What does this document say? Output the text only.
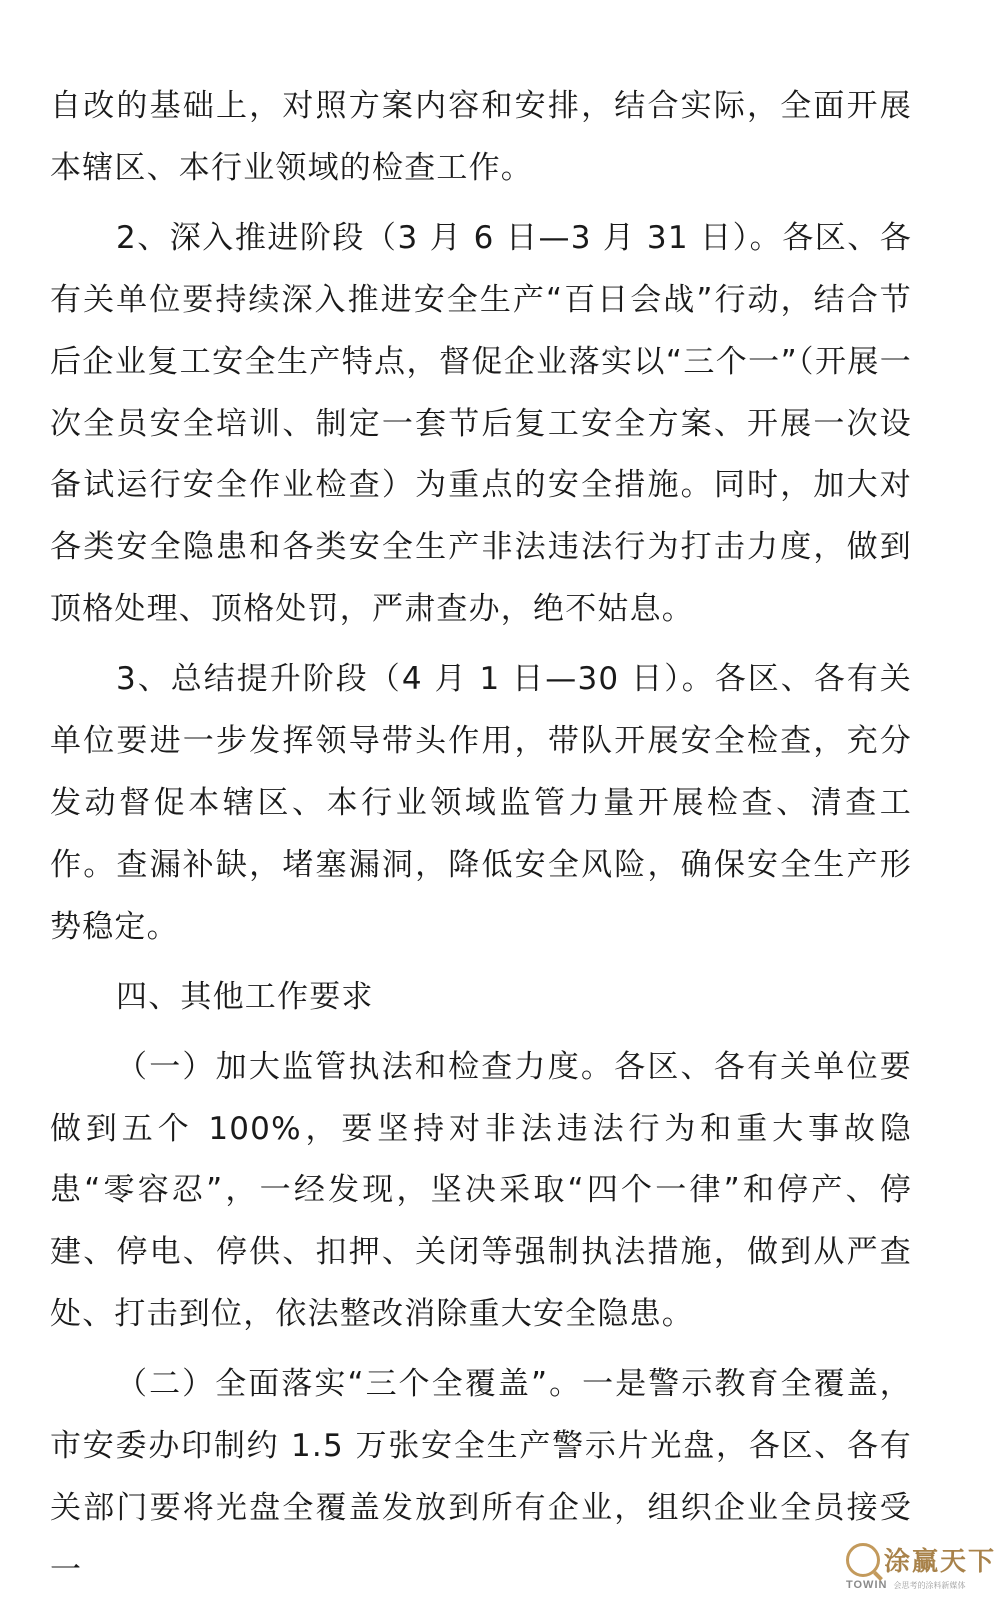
自改的基础上，对照方案内容和安排，结合实际，全面开展本辖区、本行业领域的检查工作。

2、深入推进阶段（3 月 6 日—3 月 31 日）。各区、各有关单位要持续深入推进安全生产“百日会战”行动，结合节后企业复工安全生产特点，督促企业落实以“三个一”（开展一次全员安全培训、制定一套节后复工安全方案、开展一次设备试运行安全作业检查）为重点的安全措施。同时，加大对各类安全隐患和各类安全生产非法违法行为打击力度，做到顶格处理、顶格处罚，严肃查办，绝不姑息。

3、总结提升阶段（4 月 1 日—30 日）。各区、各有关单位要进一步发挥领导带头作用，带队开展安全检查，充分发动督促本辖区、本行业领域监管力量开展检查、清查工作。查漏补缺，堵塞漏洞，降低安全风险，确保安全生产形势稳定。

四、其他工作要求

（一）加大监管执法和检查力度。各区、各有关单位要做到五个 100%，要坚持对非法违法行为和重大事故隐患“零容忍”，一经发现，坚决采取“四个一律”和停产、停建、停电、停供、扣押、关闭等强制执法措施，做到从严查处、打击到位，依法整改消除重大安全隐患。

（二）全面落实“三个全覆盖”。一是警示教育全覆盖，市安委办印制约 1.5 万张安全生产警示片光盘，各区、各有关部门要将光盘全覆盖发放到所有企业，组织企业全员接受一	涂赢天下
TOWIN 会思考的涂料新媒体
